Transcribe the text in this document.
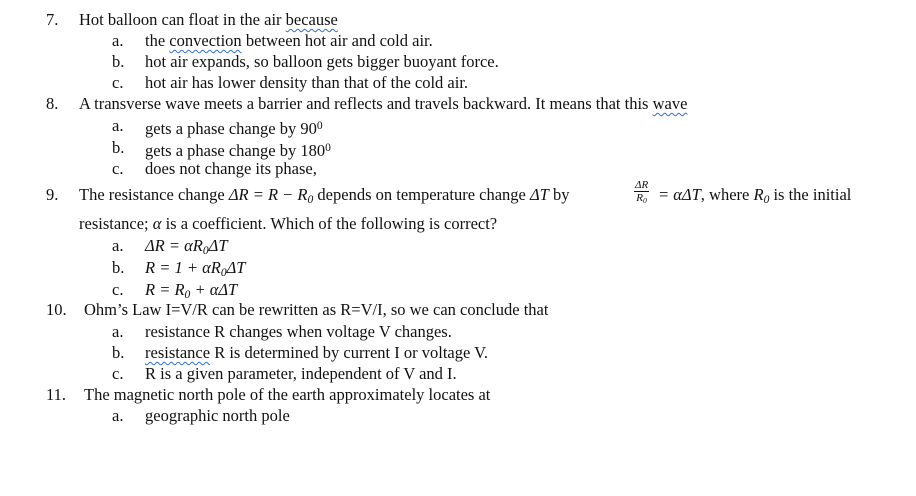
7. Hot balloon can float in the air because
a. the convection between hot air and cold air.
b. hot air expands, so balloon gets bigger buoyant force.
c. hot air has lower density than that of the cold air.
8. A transverse wave meets a barrier and reflects and travels backward. It means that this wave
a. gets a phase change by $90^0$
b. gets a phase change by $180^0$
c. does not change its phase,
9. The resistance change $\Delta R = R - R_0$ depends on temperature change ΔT by	$\frac{\Delta R}{R_0} = \alpha\Delta T$, where $R_0$ is the initial
resistance; α is a coefficient. Which of the following is correct?
a. $\Delta R = \alpha R_0\Delta T$
b. $R = 1 + \alpha R_0\Delta T$
c. $R = R_0 + \alpha\Delta T$
10. Ohm’s Law I=V/R can be rewritten as R=V/I, so we can conclude that
a. resistance R changes when voltage V changes.
b. resistance R is determined by current I or voltage V.
c. R is a given parameter, independent of V and I.
11. The magnetic north pole of the earth approximately locates at
a. geographic north pole
